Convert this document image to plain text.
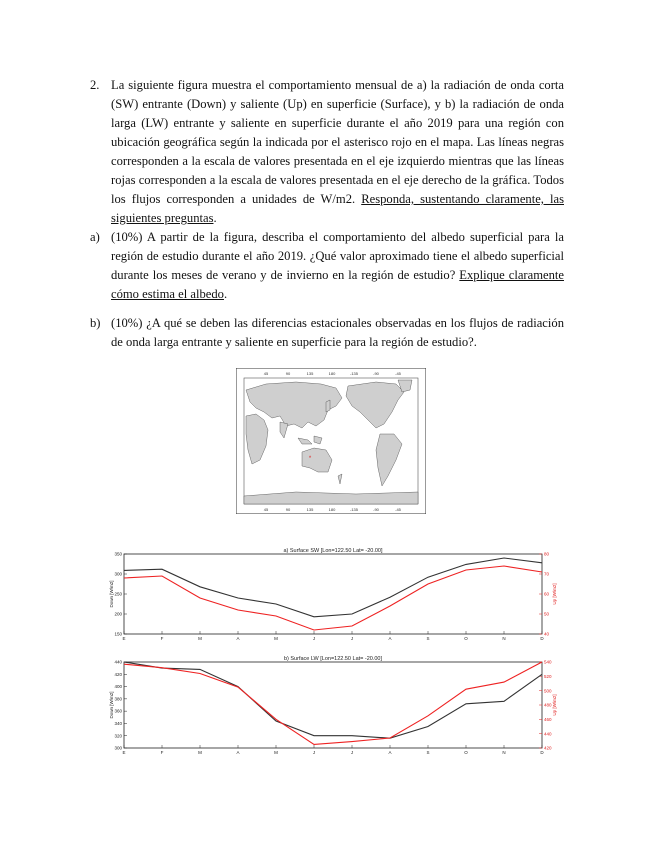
2. La siguiente figura muestra el comportamiento mensual de a) la radiación de onda corta (SW) entrante (Down) y saliente (Up) en superficie (Surface), y b) la radiación de onda larga (LW) entrante y saliente en superficie durante el año 2019 para una región con ubicación geográfica según la indicada por el asterisco rojo en el mapa. Las líneas negras corresponden a la escala de valores presentada en el eje izquierdo mientras que las líneas rojas corresponden a la escala de valores presentada en el eje derecho de la gráfica. Todos los flujos corresponden a unidades de W/m2. Responda, sustentando claramente, las siguientes preguntas.
a) (10%) A partir de la figura, describa el comportamiento del albedo superficial para la región de estudio durante el año 2019. ¿Qué valor aproximado tiene el albedo superficial durante los meses de verano y de invierno en la región de estudio? Explique claramente cómo estima el albedo.
b) (10%) ¿A qué se deben las diferencias estacionales observadas en los flujos de radiación de onda larga entrante y saliente en superficie para la región de estudio?.
45	90	135	180	-135	-90	-45
45	90	135	180	-135	-90	-45
*
a) Surface SW [Lon=122.50 Lat= -20.00]
150
200
250
300
350
40
50
60
70
80
Down [W/m2]	Up [W/m2]
E	F	M	A	M	J	J	A	S	O	N	D
b) Surface LW [Lon=122.50 Lat= -20.00]
300
320
340
360
380
400
420
440
420
440
460
480
500
520
540
Down [W/m2]	Up [W/m2]
E	F	M	A	M	J	J	A	S	O	N	D
